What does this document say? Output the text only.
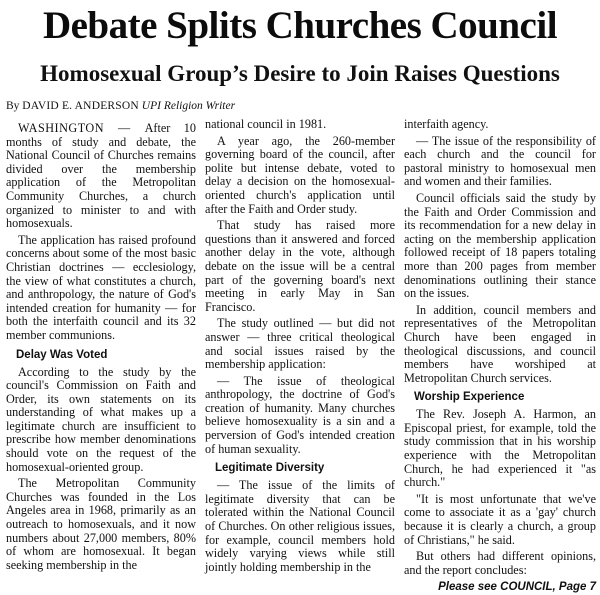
Debate Splits Churches Council
Homosexual Group’s Desire to Join Raises Questions
By DAVID E. ANDERSON UPI Religion Writer

WASHINGTON — After 10 months of study and debate, the National Council of Churches remains divided over the membership application of the Metropolitan Community Churches, a church organized to minister to and with homosexuals.

The application has raised profound concerns about some of the most basic Christian doctrines — ecclesiology, the view of what constitutes a church, and anthropology, the nature of God's intended creation for humanity — for both the interfaith council and its 32 member communions.

Delay Was Voted

According to the study by the council's Commission on Faith and Order, its own statements on its understanding of what makes up a legitimate church are insufficient to prescribe how member denominations should vote on the request of the homosexual-oriented group.

The Metropolitan Community Churches was founded in the Los Angeles area in 1968, primarily as an outreach to homosexuals, and it now numbers about 27,000 members, 80% of whom are homosexual. It began seeking membership in the

national council in 1981.

A year ago, the 260-member governing board of the council, after polite but intense debate, voted to delay a decision on the homosexual-oriented church's application until after the Faith and Order study.

That study has raised more questions than it answered and forced another delay in the vote, although debate on the issue will be a central part of the governing board's next meeting in early May in San Francisco.

The study outlined — but did not answer — three critical theological and social issues raised by the membership application:

— The issue of theological anthropology, the doctrine of God's creation of humanity. Many churches believe homosexuality is a sin and a perversion of God's intended creation of human sexuality.

Legitimate Diversity

— The issue of the limits of legitimate diversity that can be tolerated within the National Council of Churches. On other religious issues, for example, council members hold widely varying views while still jointly holding membership in the

interfaith agency.

— The issue of the responsibility of each church and the council for pastoral ministry to homosexual men and women and their families.

Council officials said the study by the Faith and Order Commission and its recommendation for a new delay in acting on the membership application followed receipt of 18 papers totaling more than 200 pages from member denominations outlining their stance on the issues.

In addition, council members and representatives of the Metropolitan Church have been engaged in theological discussions, and council members have worshiped at Metropolitan Church services.

Worship Experience

The Rev. Joseph A. Harmon, an Episcopal priest, for example, told the study commission that in his worship experience with the Metropolitan Church, he had experienced it "as church."

"It is most unfortunate that we've come to associate it as a 'gay' church because it is clearly a church, a group of Christians," he said.

But others had different opinions, and the report concludes:

Please see COUNCIL, Page 7
